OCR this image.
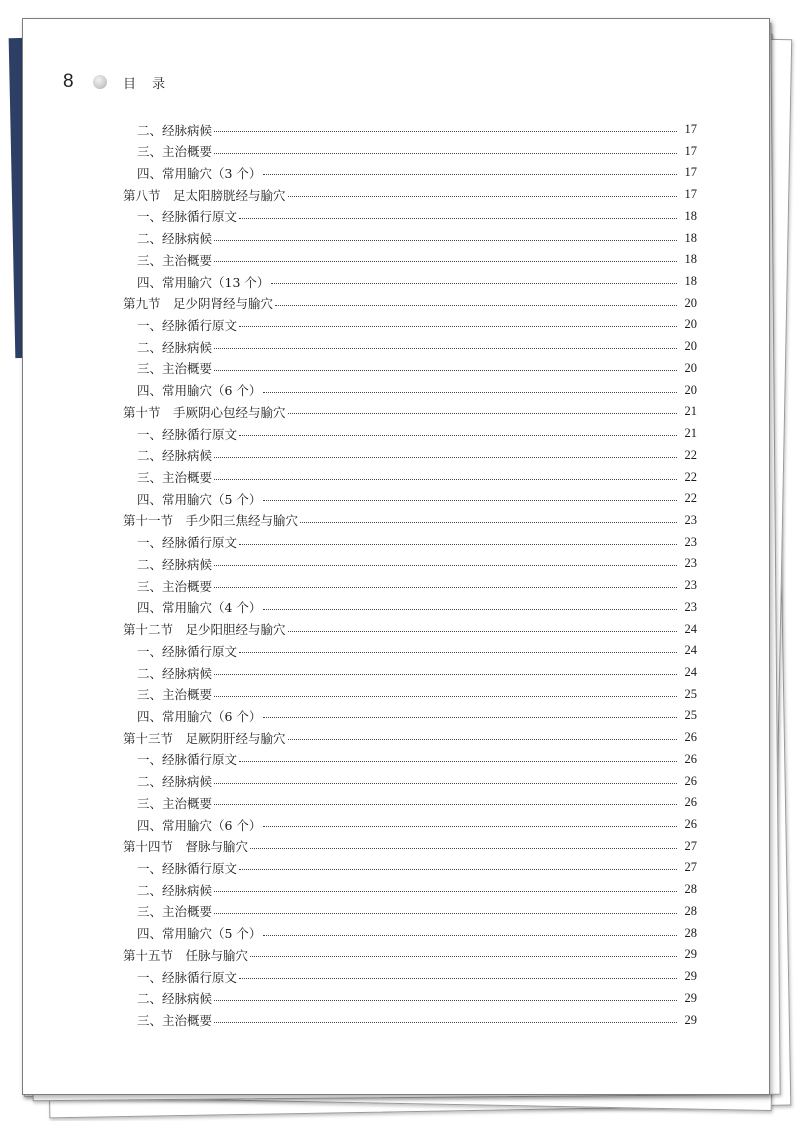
8	目 录
二、经脉病候	17
三、主治概要	17
四、常用腧穴（3 个）	17
第八节　足太阳膀胱经与腧穴	17
一、经脉循行原文	18
二、经脉病候	18
三、主治概要	18
四、常用腧穴（13 个）	18
第九节　足少阴肾经与腧穴	20
一、经脉循行原文	20
二、经脉病候	20
三、主治概要	20
四、常用腧穴（6 个）	20
第十节　手厥阴心包经与腧穴	21
一、经脉循行原文	21
二、经脉病候	22
三、主治概要	22
四、常用腧穴（5 个）	22
第十一节　手少阳三焦经与腧穴	23
一、经脉循行原文	23
二、经脉病候	23
三、主治概要	23
四、常用腧穴（4 个）	23
第十二节　足少阳胆经与腧穴	24
一、经脉循行原文	24
二、经脉病候	24
三、主治概要	25
四、常用腧穴（6 个）	25
第十三节　足厥阴肝经与腧穴	26
一、经脉循行原文	26
二、经脉病候	26
三、主治概要	26
四、常用腧穴（6 个）	26
第十四节　督脉与腧穴	27
一、经脉循行原文	27
二、经脉病候	28
三、主治概要	28
四、常用腧穴（5 个）	28
第十五节　任脉与腧穴	29
一、经脉循行原文	29
二、经脉病候	29
三、主治概要	29
